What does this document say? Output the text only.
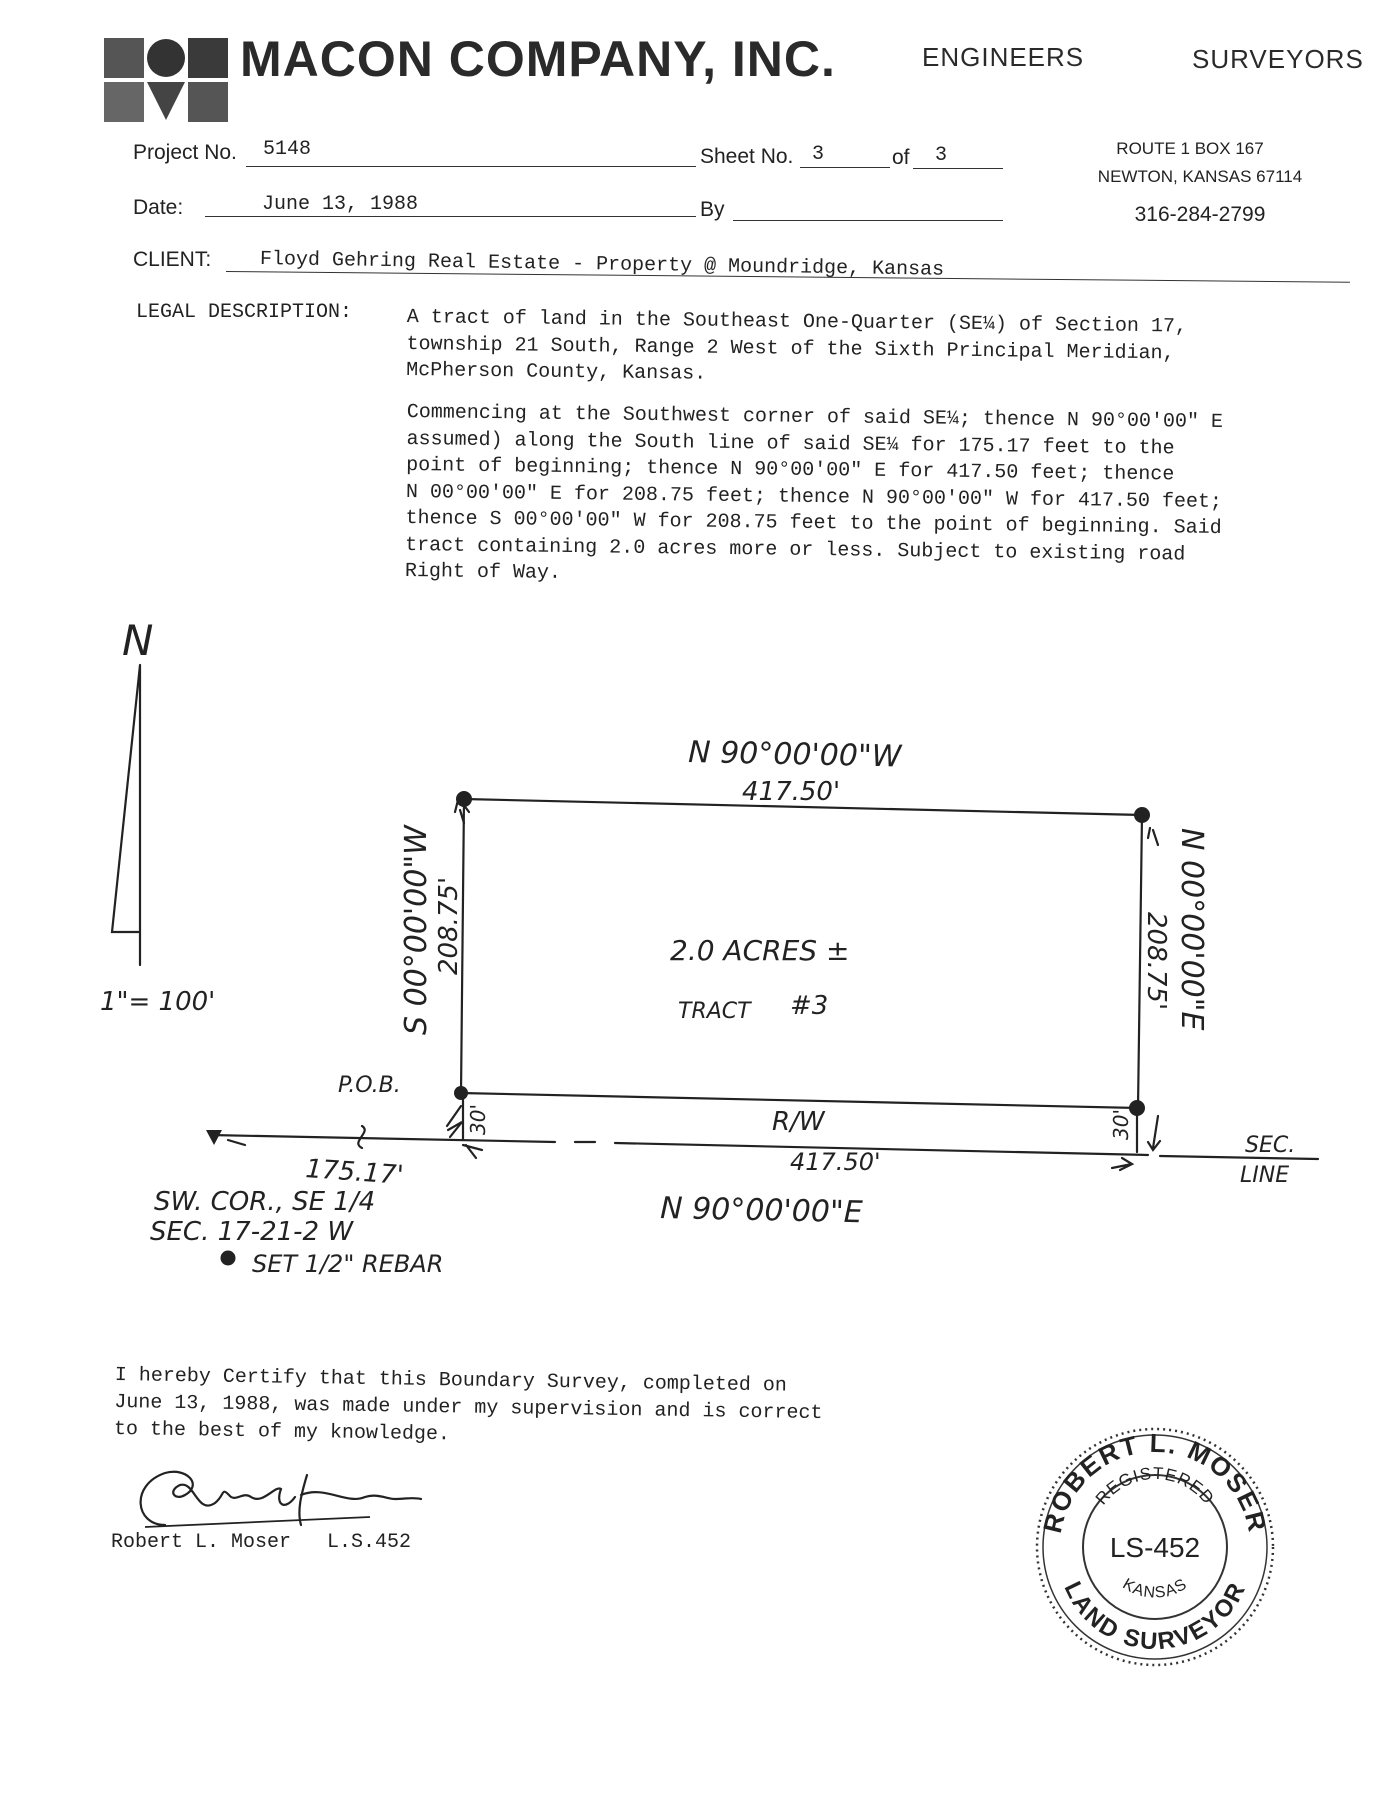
MACON COMPANY, INC.	ENGINEERS	SURVEYORS
Project No. 5148	Sheet No. 3	of 3	ROUTE 1 BOX 167
NEWTON, KANSAS 67114
316-284-2799
Date:	June 13, 1988	By
CLIENT: Floyd Gehring Real Estate - Property @ Moundridge, Kansas
LEGAL DESCRIPTION:	A tract of land in the Southeast One-Quarter (SE¼) of Section 17,
township 21 South, Range 2 West of the Sixth Principal Meridian,
McPherson County, Kansas.
Commencing at the Southwest corner of said SE¼; thence N 90°00'00" E
assumed) along the South line of said SE¼ for 175.17 feet to the
point of beginning; thence N 90°00'00" E for 417.50 feet; thence
N 00°00'00" E for 208.75 feet; thence N 90°00'00" W for 417.50 feet;
thence S 00°00'00" W for 208.75 feet to the point of beginning. Said
tract containing 2.0 acres more or less. Subject to existing road
Right of Way.
N
1"= 100'
N 90°00'00"W
417.50'
S 00°00'00"W 208.75'	N 00°00'00"E
208.75'
2.0 ACRES ±
TRACT #3
P.O.B.
30'	30'
R/W
417.50'
N 90°00'00"E
175.17'
SW. COR., SE 1/4
SEC. 17-21-2 W
SET 1/2" REBAR
SEC.
LINE
I hereby Certify that this Boundary Survey, completed on
June 13, 1988, was made under my supervision and is correct
to the best of my knowledge.
Robert L. Moser   L.S.452
ROBERT L. MOSER
REGISTERED
LS-452
KANSAS
LAND SURVEYOR
